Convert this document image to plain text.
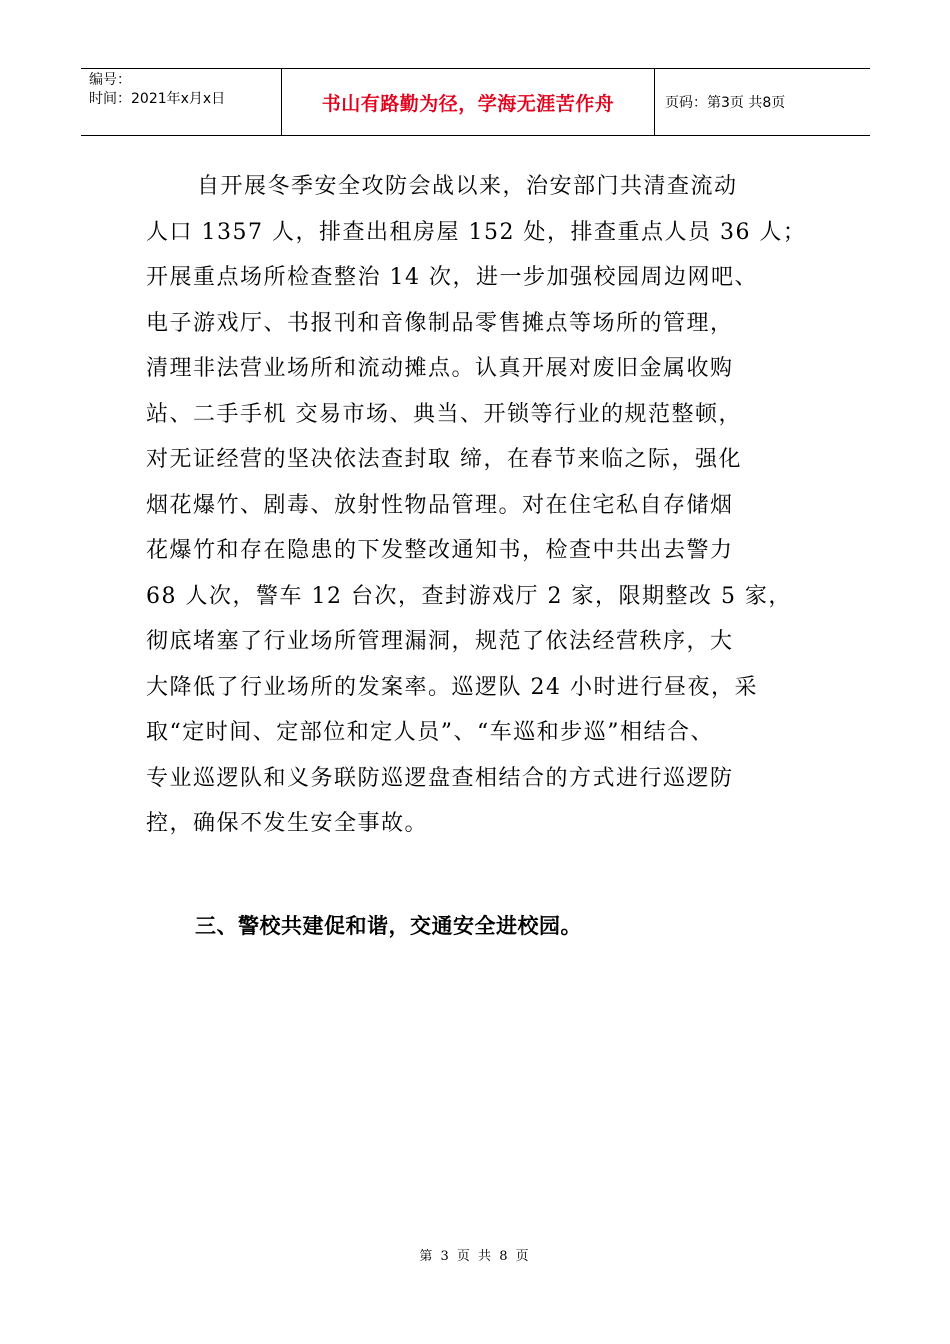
编号：
时间：2021年x月x日	书山有路勤为径，学海无涯苦作舟	页码：第3页 共8页
自开展冬季安全攻防会战以来，治安部门共清查流动
人口 1357 人，排查出租房屋 152 处，排查重点人员 36 人；
开展重点场所检查整治 14 次，进一步加强校园周边网吧、
电子游戏厅、书报刊和音像制品零售摊点等场所的管理，
清理非法营业场所和流动摊点。认真开展对废旧金属收购
站、二手手机 交易市场、典当、开锁等行业的规范整顿，
对无证经营的坚决依法查封取 缔，在春节来临之际，强化
烟花爆竹、剧毒、放射性物品管理。对在住宅私自存储烟
花爆竹和存在隐患的下发整改通知书，检查中共出去警力
68 人次，警车 12 台次，查封游戏厅 2 家，限期整改 5 家，
彻底堵塞了行业场所管理漏洞，规范了依法经营秩序，大
大降低了行业场所的发案率。巡逻队 24 小时进行昼夜，采
取“定时间、定部位和定人员”、“车巡和步巡”相结合、
专业巡逻队和义务联防巡逻盘查相结合的方式进行巡逻防
控，确保不发生安全事故。
三、警校共建促和谐，交通安全进校园。
第 3 页 共 8 页
